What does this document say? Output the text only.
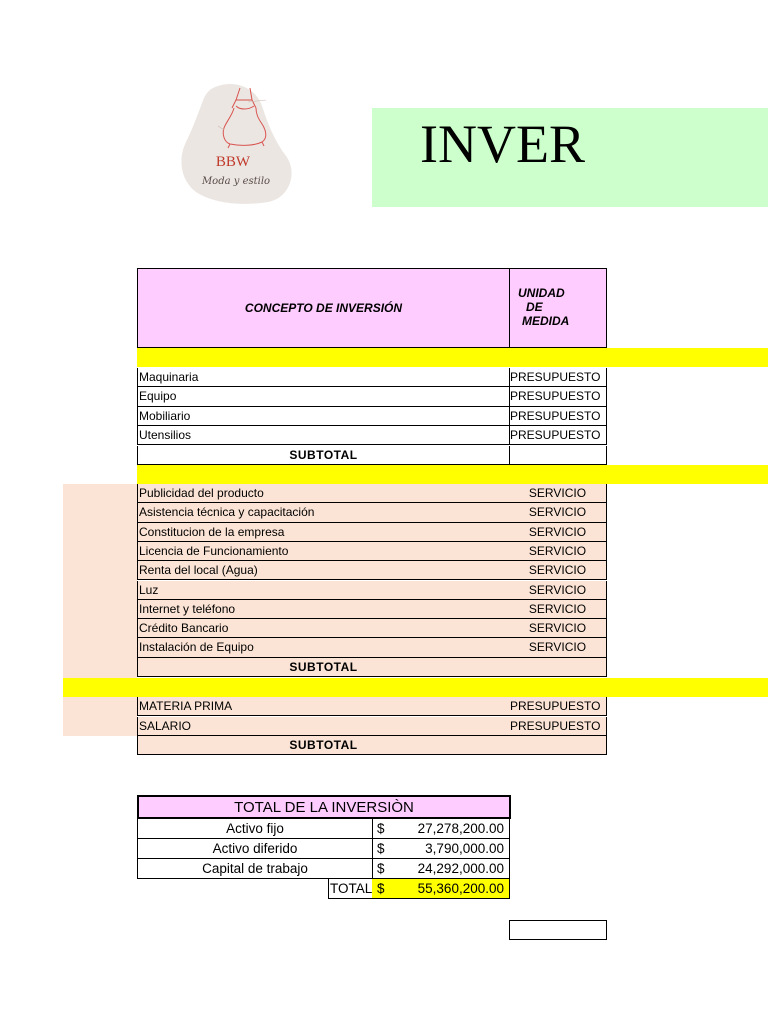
BBW
Moda y estilo
INVER
CONCEPTO DE INVERSIÓN
UNIDAD
DE
MEDIDA
Maquinaria	PRESUPUESTO
Equipo	PRESUPUESTO
Mobiliario	PRESUPUESTO
Utensilios	PRESUPUESTO
SUBTOTAL
Publicidad del producto	SERVICIO
Asistencia técnica y capacitación	SERVICIO
Constitucion de la empresa	SERVICIO
Licencia de Funcionamiento	SERVICIO
Renta del local (Agua)	SERVICIO
Luz	SERVICIO
Internet y teléfono	SERVICIO
Crédito Bancario	SERVICIO
Instalación de Equipo	SERVICIO
SUBTOTAL
MATERIA PRIMA	PRESUPUESTO
SALARIO	PRESUPUESTO
SUBTOTAL
TOTAL DE LA INVERSIÒN
Activo fijo	$	27,278,200.00
Activo diferido	$	3,790,000.00
Capital de trabajo	$	24,292,000.00
TOTAL $	55,360,200.00
